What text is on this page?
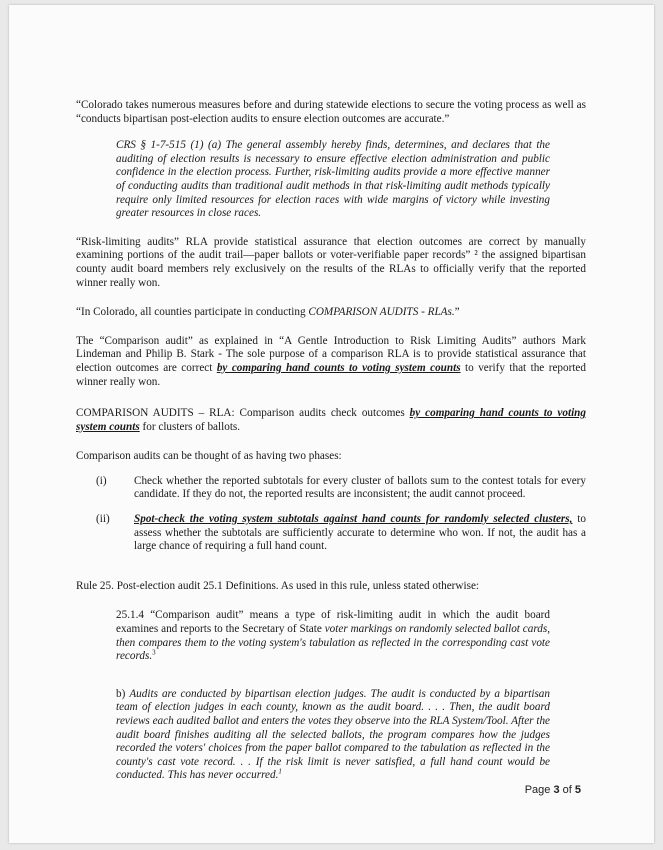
“Colorado takes numerous measures before and during statewide elections to secure the voting process as well as “conducts bipartisan post-election audits to ensure election outcomes are accurate.”

CRS § 1-7-515 (1) (a) The general assembly hereby finds, determines, and declares that the auditing of election results is necessary to ensure effective election administration and public confidence in the election process. Further, risk-limiting audits provide a more effective manner of conducting audits than traditional audit methods in that risk-limiting audit methods typically require only limited resources for election races with wide margins of victory while investing greater resources in close races.

“Risk-limiting audits” RLA provide statistical assurance that election outcomes are correct by manually examining portions of the audit trail—paper ballots or voter-verifiable paper records” ² the assigned bipartisan county audit board members rely exclusively on the results of the RLAs to officially verify that the reported winner really won.

“In Colorado, all counties participate in conducting COMPARISON AUDITS - RLAs.”

The “Comparison audit” as explained in “A Gentle Introduction to Risk Limiting Audits” authors Mark Lindeman and Philip B. Stark - The sole purpose of a comparison RLA is to provide statistical assurance that election outcomes are correct by comparing hand counts to voting system counts to verify that the reported winner really won.

COMPARISON AUDITS – RLA: Comparison audits check outcomes by comparing hand counts to voting system counts for clusters of ballots.

Comparison audits can be thought of as having two phases:

(i)	Check whether the reported subtotals for every cluster of ballots sum to the contest totals for every candidate. If they do not, the reported results are inconsistent; the audit cannot proceed.
(ii)	Spot-check the voting system subtotals against hand counts for randomly selected clusters, to assess whether the subtotals are sufficiently accurate to determine who won. If not, the audit has a large chance of requiring a full hand count.

Rule 25. Post-election audit 25.1 Definitions. As used in this rule, unless stated otherwise:

25.1.4 “Comparison audit” means a type of risk-limiting audit in which the audit board examines and reports to the Secretary of State voter markings on randomly selected ballot cards, then compares them to the voting system's tabulation as reflected in the corresponding cast vote records.$^3$

b) Audits are conducted by bipartisan election judges. The audit is conducted by a bipartisan team of election judges in each county, known as the audit board. . . . Then, the audit board reviews each audited ballot and enters the votes they observe into the RLA System/Tool. After the audit board finishes auditing all the selected ballots, the program compares how the judges recorded the voters' choices from the paper ballot compared to the tabulation as reflected in the county's cast vote record. . . If the risk limit is never satisfied, a full hand count would be conducted. This has never occurred.$^1$

Page 3 of 5
